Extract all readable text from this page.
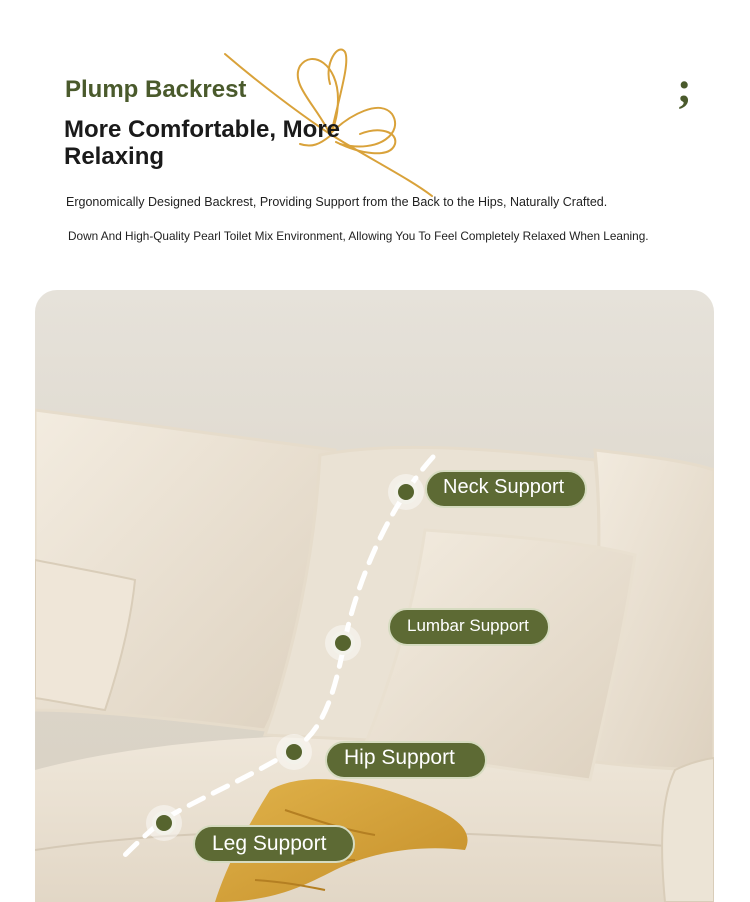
Plump Backrest
More Comfortable, More Relaxing
;
Ergonomically Designed Backrest, Providing Support from the Back to the Hips, Naturally Crafted.
Down And High-Quality Pearl Toilet Mix Environment, Allowing You To Feel Completely Relaxed When Leaning.
Neck Support
Lumbar Support
Hip Support
Leg Support
